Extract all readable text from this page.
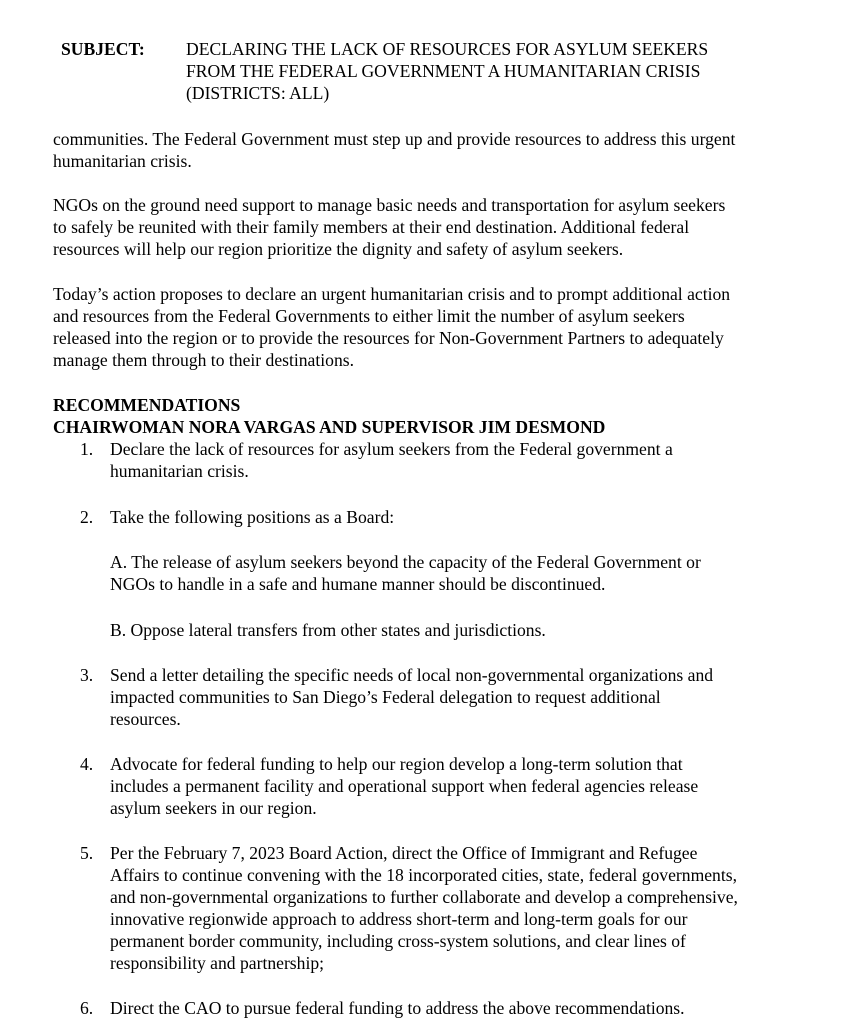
SUBJECT:	DECLARING THE LACK OF RESOURCES FOR ASYLUM SEEKERS
FROM THE FEDERAL GOVERNMENT A HUMANITARIAN CRISIS
(DISTRICTS: ALL)

communities. The Federal Government must step up and provide resources to address this urgent
humanitarian crisis.

NGOs on the ground need support to manage basic needs and transportation for asylum seekers
to safely be reunited with their family members at their end destination. Additional federal
resources will help our region prioritize the dignity and safety of asylum seekers.

Today’s action proposes to declare an urgent humanitarian crisis and to prompt additional action
and resources from the Federal Governments to either limit the number of asylum seekers
released into the region or to provide the resources for Non-Government Partners to adequately
manage them through to their destinations.

RECOMMENDATIONS
CHAIRWOMAN NORA VARGAS AND SUPERVISOR JIM DESMOND
1. Declare the lack of resources for asylum seekers from the Federal government a
humanitarian crisis.
2. Take the following positions as a Board:
A. The release of asylum seekers beyond the capacity of the Federal Government or
NGOs to handle in a safe and humane manner should be discontinued.
B. Oppose lateral transfers from other states and jurisdictions.
3. Send a letter detailing the specific needs of local non-governmental organizations and
impacted communities to San Diego’s Federal delegation to request additional
resources.
4. Advocate for federal funding to help our region develop a long-term solution that
includes a permanent facility and operational support when federal agencies release
asylum seekers in our region.
5. Per the February 7, 2023 Board Action, direct the Office of Immigrant and Refugee
Affairs to continue convening with the 18 incorporated cities, state, federal governments,
and non-governmental organizations to further collaborate and develop a comprehensive,
innovative regionwide approach to address short-term and long-term goals for our
permanent border community, including cross-system solutions, and clear lines of
responsibility and partnership;
6. Direct the CAO to pursue federal funding to address the above recommendations.
